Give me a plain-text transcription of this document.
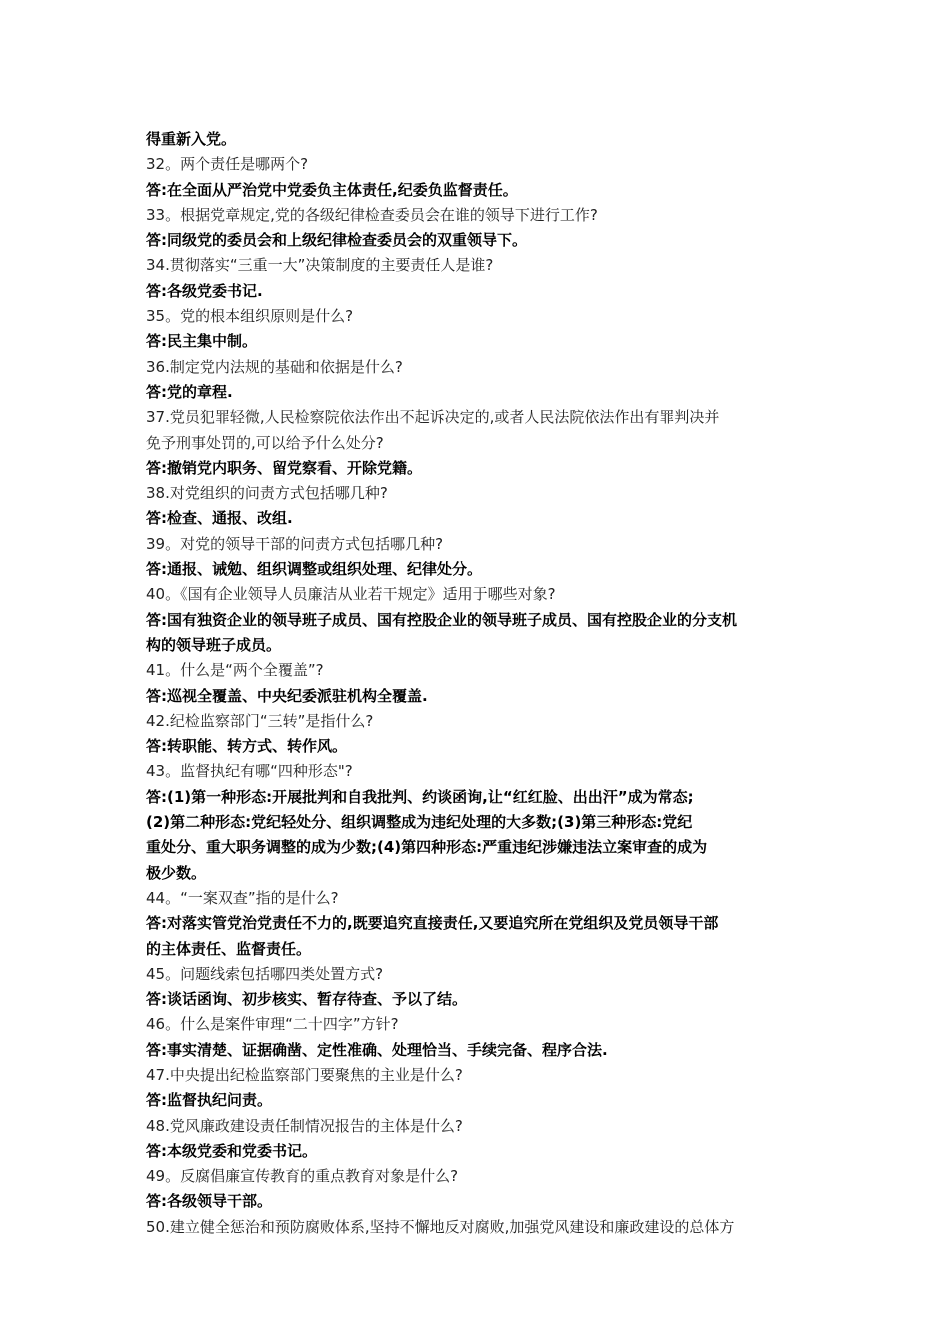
得重新入党。
32。两个责任是哪两个?
答:在全面从严治党中党委负主体责任,纪委负监督责任。
33。根据党章规定,党的各级纪律检查委员会在谁的领导下进行工作?
答:同级党的委员会和上级纪律检查委员会的双重领导下。
34.贯彻落实“三重一大”决策制度的主要责任人是谁?
答:各级党委书记.
35。党的根本组织原则是什么?
答:民主集中制。
36.制定党内法规的基础和依据是什么?
答:党的章程.
37.党员犯罪轻微,人民检察院依法作出不起诉决定的,或者人民法院依法作出有罪判决并
免予刑事处罚的,可以给予什么处分?
答:撤销党内职务、留党察看、开除党籍。
38.对党组织的问责方式包括哪几种?
答:检查、通报、改组.
39。对党的领导干部的问责方式包括哪几种?
答:通报、诫勉、组织调整或组织处理、纪律处分。
40。《国有企业领导人员廉洁从业若干规定》适用于哪些对象?
答:国有独资企业的领导班子成员、国有控股企业的领导班子成员、国有控股企业的分支机
构的领导班子成员。
41。什么是“两个全覆盖”?
答:巡视全覆盖、中央纪委派驻机构全覆盖.
42.纪检监察部门“三转”是指什么?
答:转职能、转方式、转作风。
43。监督执纪有哪“四种形态"?
答:(1)第一种形态:开展批判和自我批判、约谈函询,让“红红脸、出出汗”成为常态;
(2)第二种形态:党纪轻处分、组织调整成为违纪处理的大多数;(3)第三种形态:党纪
重处分、重大职务调整的成为少数;(4)第四种形态:严重违纪涉嫌违法立案审查的成为
极少数。
44。“一案双查”指的是什么?
答:对落实管党治党责任不力的,既要追究直接责任,又要追究所在党组织及党员领导干部
的主体责任、监督责任。
45。问题线索包括哪四类处置方式?
答:谈话函询、初步核实、暂存待查、予以了结。
46。什么是案件审理“二十四字”方针?
答:事实清楚、证据确凿、定性准确、处理恰当、手续完备、程序合法.
47.中央提出纪检监察部门要聚焦的主业是什么?
答:监督执纪问责。
48.党风廉政建设责任制情况报告的主体是什么?
答:本级党委和党委书记。
49。反腐倡廉宣传教育的重点教育对象是什么?
答:各级领导干部。
50.建立健全惩治和预防腐败体系,坚持不懈地反对腐败,加强党风建设和廉政建设的总体方
